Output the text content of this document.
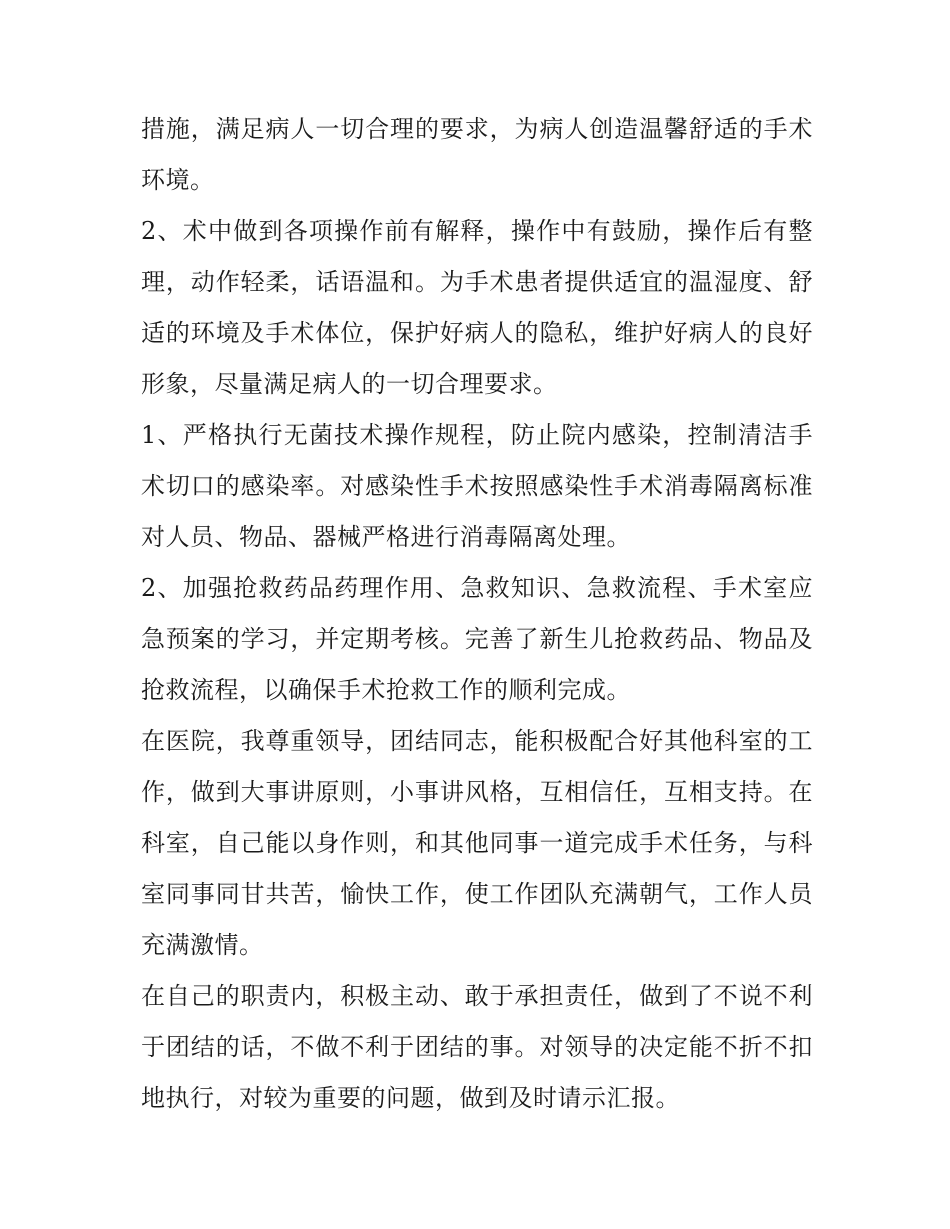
措施，满足病人一切合理的要求，为病人创造温馨舒适的手术环境。

2、术中做到各项操作前有解释，操作中有鼓励，操作后有整理，动作轻柔，话语温和。为手术患者提供适宜的温湿度、舒适的环境及手术体位，保护好病人的隐私，维护好病人的良好形象，尽量满足病人的一切合理要求。

1、严格执行无菌技术操作规程，防止院内感染，控制清洁手术切口的感染率。对感染性手术按照感染性手术消毒隔离标准对人员、物品、器械严格进行消毒隔离处理。

2、加强抢救药品药理作用、急救知识、急救流程、手术室应急预案的学习，并定期考核。完善了新生儿抢救药品、物品及抢救流程，以确保手术抢救工作的顺利完成。

在医院，我尊重领导，团结同志，能积极配合好其他科室的工作，做到大事讲原则，小事讲风格，互相信任，互相支持。在科室，自己能以身作则，和其他同事一道完成手术任务，与科室同事同甘共苦，愉快工作，使工作团队充满朝气，工作人员充满激情。

在自己的职责内，积极主动、敢于承担责任，做到了不说不利于团结的话，不做不利于团结的事。对领导的决定能不折不扣地执行，对较为重要的问题，做到及时请示汇报。
